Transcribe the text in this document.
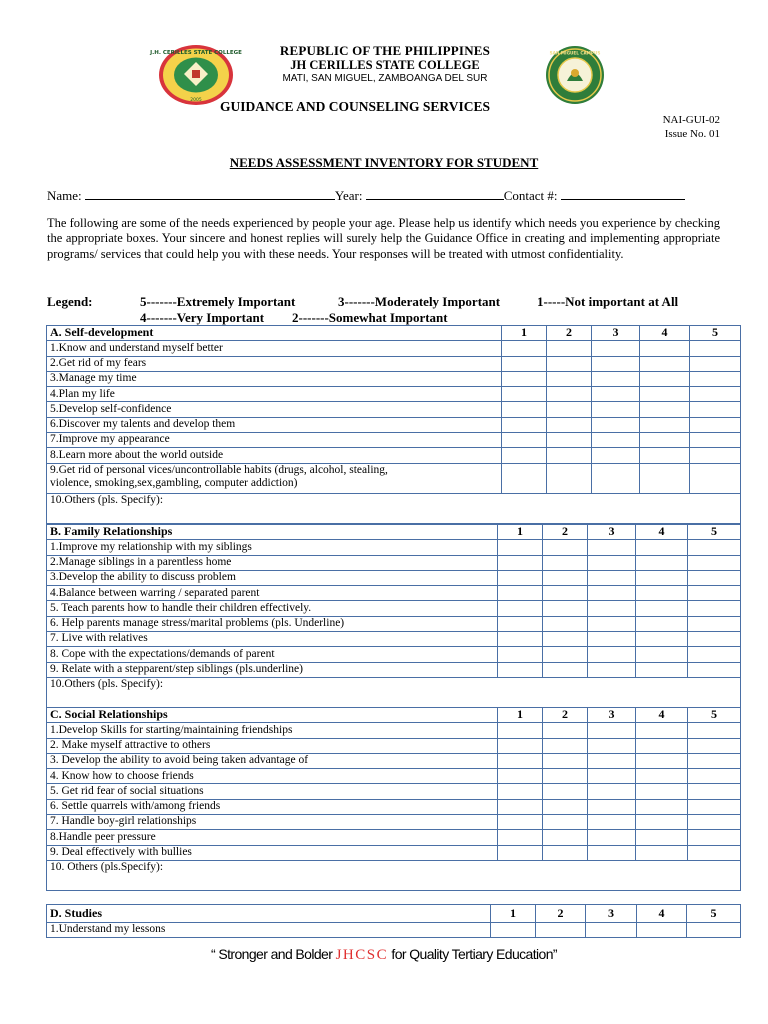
J.H. CERILLES STATE COLLEGE
2005
SAN MIGUEL CAMPUS
REPUBLIC OF THE PHILIPPINES
JH CERILLES STATE COLLEGE
MATI, SAN MIGUEL, ZAMBOANGA DEL SUR
GUIDANCE AND COUNSELING SERVICES
NAI-GUI-02
Issue No. 01
NEEDS ASSESSMENT INVENTORY FOR STUDENT
Name:	Year:	Contact #:
The following are some of the needs experienced by people your age. Please help us identify which needs you experience by checking the appropriate boxes. Your sincere and honest replies will surely help the Guidance Office in creating and implementing appropriate programs/ services that could help you with these needs. Your responses will be treated with utmost confidentiality.
Legend:	5-------Extremely Important	3-------Moderately Important	1-----Not important at All
4-------Very Important 2-------Somewhat Important
A. Self-development	1	2	3	4	5
1.Know and understand myself better					
2.Get rid of my fears					
3.Manage my time					
4.Plan my life					
5.Develop self-confidence					
6.Discover my talents and develop them					
7.Improve my appearance					
8.Learn more about the world outside					
9.Get rid of personal vices/uncontrollable habits (drugs, alcohol, stealing,
violence, smoking,sex,gambling, computer addiction)					
10.Others (pls. Specify):					
B. Family Relationships	1	2	3	4	5
1.Improve my relationship with my siblings					
2.Manage siblings in a parentless home					
3.Develop the ability to discuss problem					
4.Balance between warring / separated parent					
5. Teach parents how to handle their children effectively.					
6. Help parents manage stress/marital problems (pls. Underline)					
7. Live with relatives					
8. Cope with the expectations/demands of parent					
9. Relate with a stepparent/step siblings (pls.underline)					
10.Others (pls. Specify):					
C. Social Relationships	1	2	3	4	5
1.Develop Skills for starting/maintaining friendships					
2. Make myself attractive to others					
3. Develop the ability to avoid being taken advantage of					
4. Know how to choose friends					
5. Get rid fear of social situations					
6. Settle quarrels with/among friends					
7. Handle boy-girl relationships					
8.Handle peer pressure					
9. Deal effectively with bullies					
10. Others (pls.Specify):					
D. Studies	1	2	3	4	5
1.Understand my lessons					
“ Stronger and Bolder JHCSC for Quality Tertiary Education”
